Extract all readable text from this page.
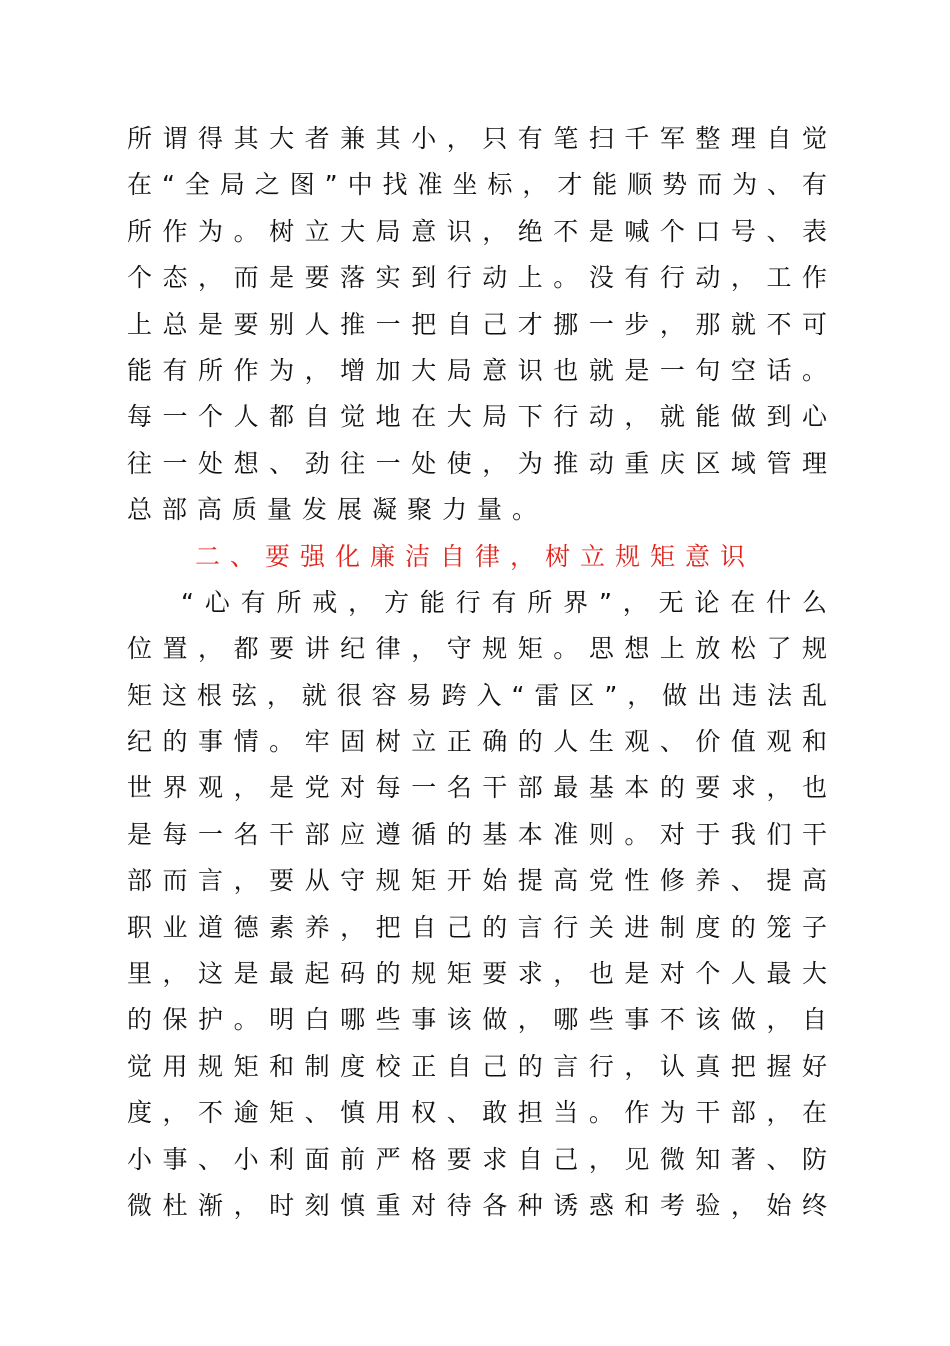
所谓得其大者兼其小，只有笔扫千军整理自觉
在“全局之图”中找准坐标，才能顺势而为、有
所作为。树立大局意识，绝不是喊个口号、表
个态，而是要落实到行动上。没有行动，工作
上总是要别人推一把自己才挪一步，那就不可
能有所作为，增加大局意识也就是一句空话。
每一个人都自觉地在大局下行动，就能做到心
往一处想、劲往一处使，为推动重庆区域管理
总部高质量发展凝聚力量。
二、要强化廉洁自律，树立规矩意识
“心有所戒，方能行有所界”，无论在什么
位置，都要讲纪律，守规矩。思想上放松了规
矩这根弦，就很容易跨入“雷区”，做出违法乱
纪的事情。牢固树立正确的人生观、价值观和
世界观，是党对每一名干部最基本的要求，也
是每一名干部应遵循的基本准则。对于我们干
部而言，要从守规矩开始提高党性修养、提高
职业道德素养，把自己的言行关进制度的笼子
里，这是最起码的规矩要求，也是对个人最大
的保护。明白哪些事该做，哪些事不该做，自
觉用规矩和制度校正自己的言行，认真把握好
度，不逾矩、慎用权、敢担当。作为干部，在
小事、小利面前严格要求自己，见微知著、防
微杜渐，时刻慎重对待各种诱惑和考验，始终
